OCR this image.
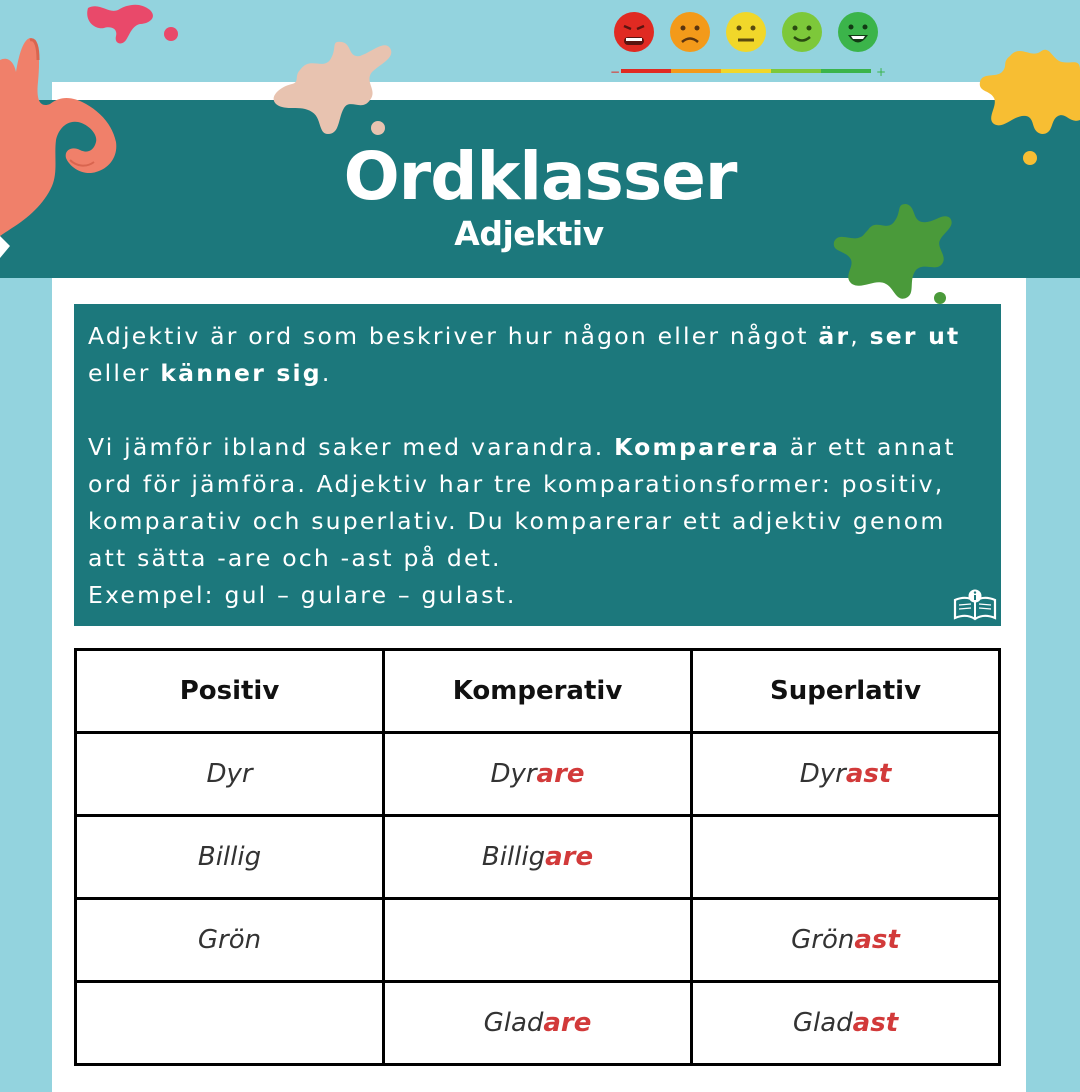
−	+
Ordklasser
Adjektiv

Adjektiv är ord som beskriver hur någon eller något är, ser ut eller känner sig.

Vi jämför ibland saker med varandra. Komparera är ett annat ord för jämföra. Adjektiv har tre komparationsformer: positiv, komparativ och superlativ. Du komparerar ett adjektiv genom att sätta -are och -ast på det.
Exempel: gul – gulare – gulast.

Positiv	Komperativ	Superlativ
Dyr	Dyrare	Dyrast
Billig	Billigare	
Grön		Grönast
	Gladare	Gladast
